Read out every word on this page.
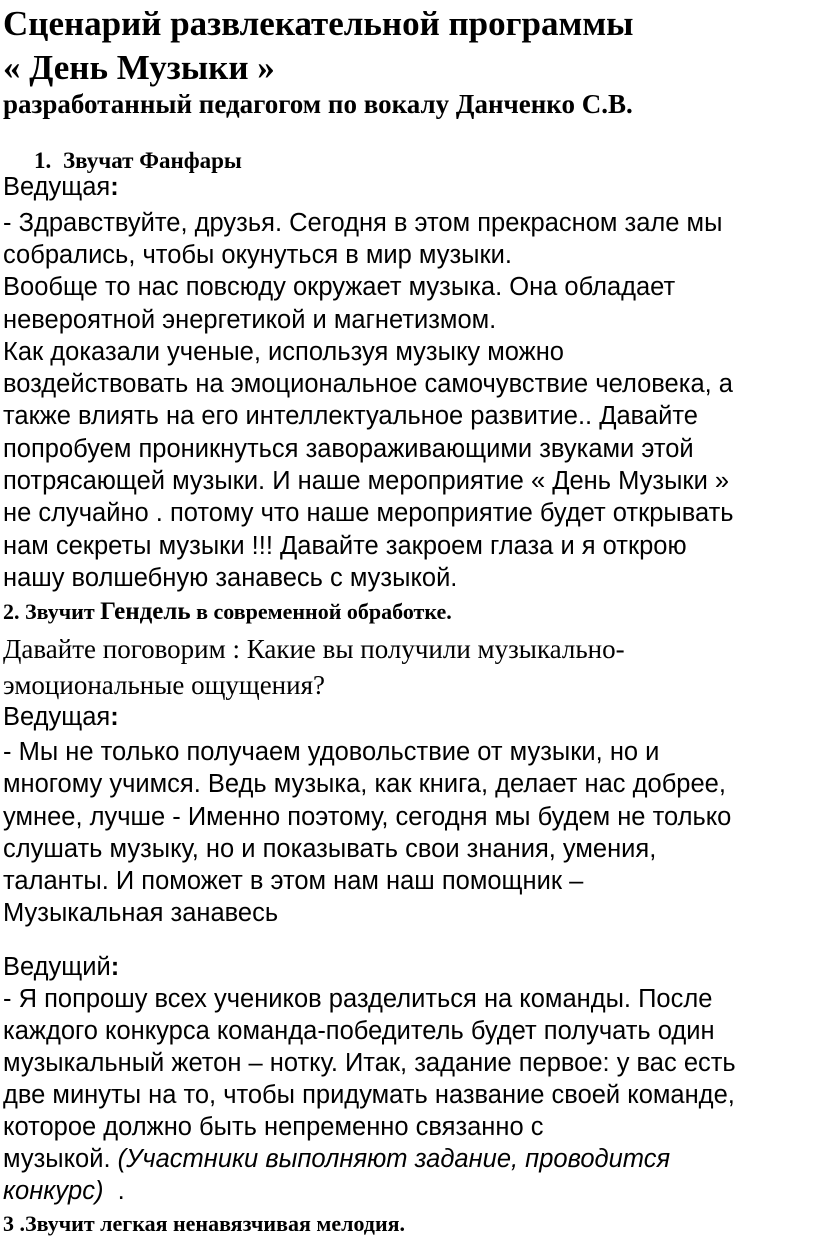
Сценарий развлекательной программы
« День Музыки »
разработанный педагогом по вокалу Данченко С.В.
1. Звучат Фанфары
Ведущая:
- Здравствуйте, друзья. Сегодня в этом прекрасном зале мы
собрались, чтобы окунуться в мир музыки.
Вообще то нас повсюду окружает музыка. Она обладает
невероятной энергетикой и магнетизмом.
Как доказали ученые, используя музыку можно
воздействовать на эмоциональное самочувствие человека, а
также влиять на его интеллектуальное развитие.. Давайте
попробуем проникнуться завораживающими звуками этой
потрясающей музыки. И наше мероприятие « День Музыки »
не случайно . потому что наше мероприятие будет открывать
нам секреты музыки !!! Давайте закроем глаза и я открою
нашу волшебную занавесь с музыкой.
2. Звучит Гендель в современной обработке.
Давайте поговорим : Какие вы получили музыкально-
эмоциональные ощущения?
Ведущая:
- Мы не только получаем удовольствие от музыки, но и
многому учимся. Ведь музыка, как книга, делает нас добрее,
умнее, лучше - Именно поэтому, сегодня мы будем не только
слушать музыку, но и показывать свои знания, умения,
таланты. И поможет в этом нам наш помощник –
Музыкальная занавесь
Ведущий:
- Я попрошу всех учеников разделиться на команды. После
каждого конкурса команда-победитель будет получать один
музыкальный жетон – нотку. Итак, задание первое: у вас есть
две минуты на то, чтобы придумать название своей команде,
которое должно быть непременно связанно с
музыкой. (Участники выполняют задание, проводится
конкурс)  .
3 .Звучит легкая ненавязчивая мелодия.
